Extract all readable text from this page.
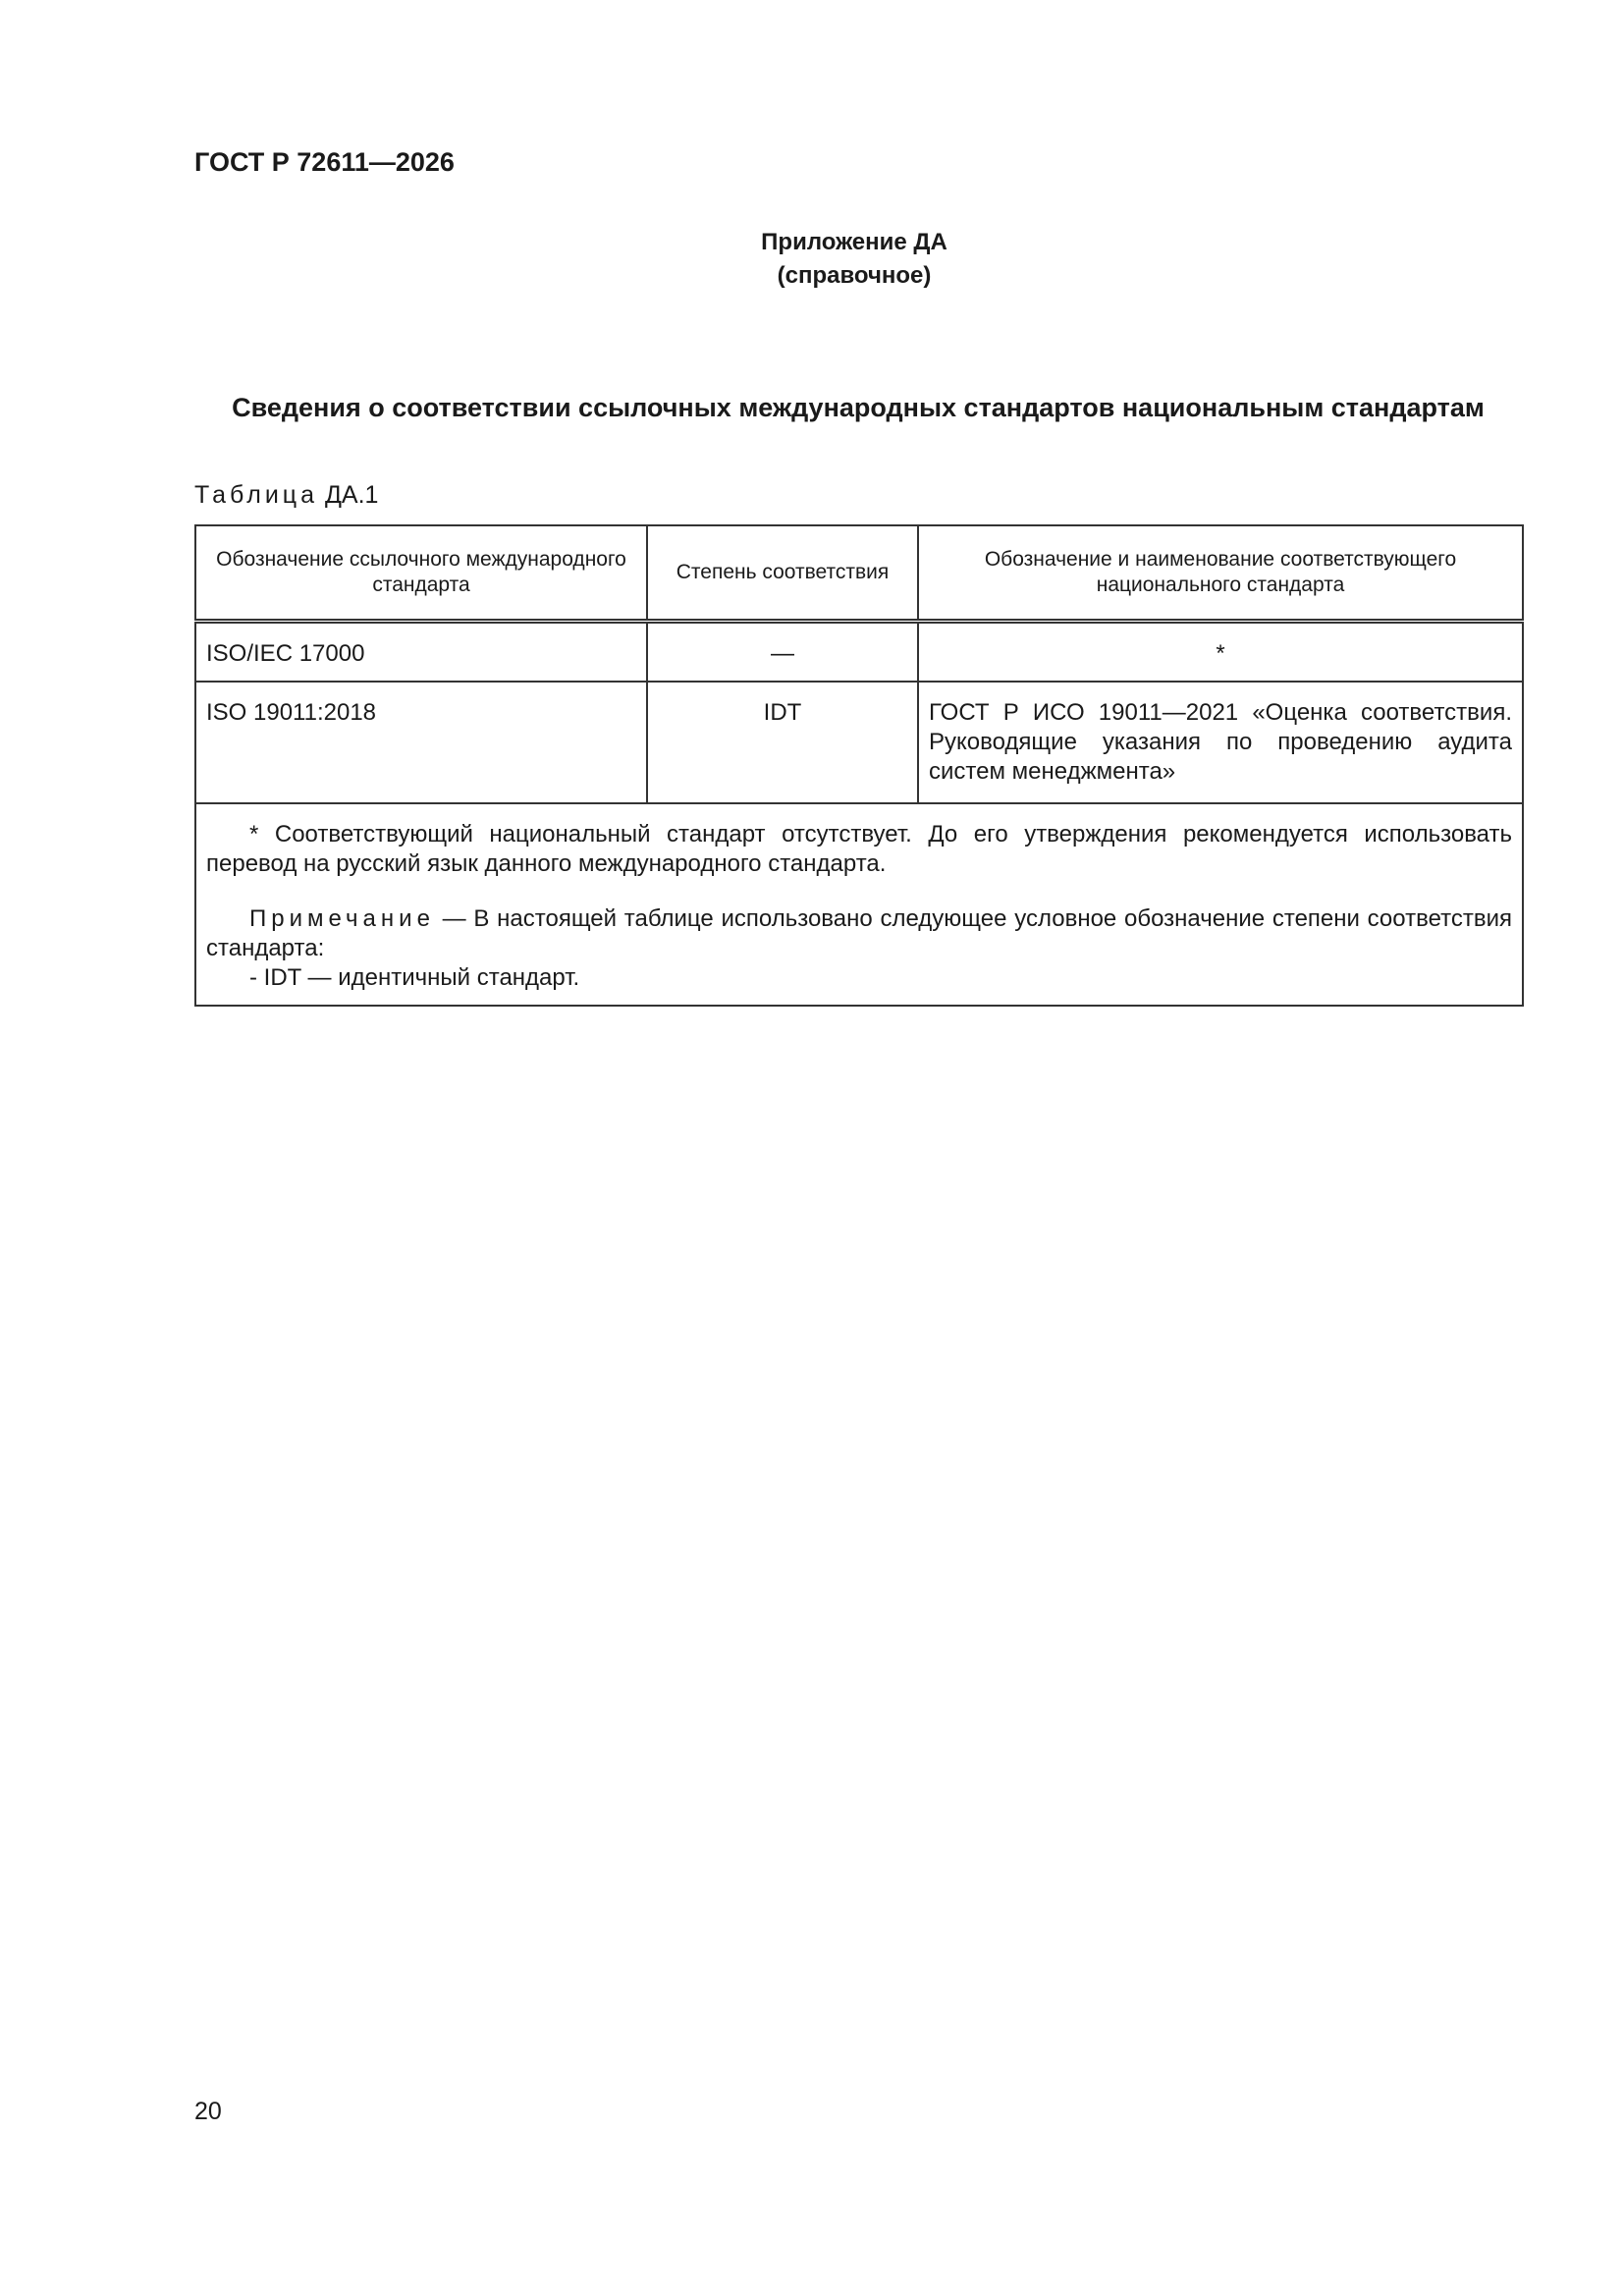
ГОСТ Р 72611—2026
Приложение ДА
(справочное)
Сведения о соответствии ссылочных международных стандартов национальным стандартам
Таблица ДА.1
Обозначение ссылочного международного стандарта	Степень соответствия	Обозначение и наименование соответствующего национального стандарта
ISO/IEC 17000	—	*
ISO 19011:2018	IDT	ГОСТ Р ИСО 19011—2021 «Оценка соответствия. Руководящие указания по проведению аудита систем менеджмента»

* Соответствующий национальный стандарт отсутствует. До его утверждения рекомендуется использовать перевод на русский язык данного международного стандарта.

Примечание — В настоящей таблице использовано следующее условное обозначение степени соответствия стандарта:

- IDT — идентичный стандарт.		

20
